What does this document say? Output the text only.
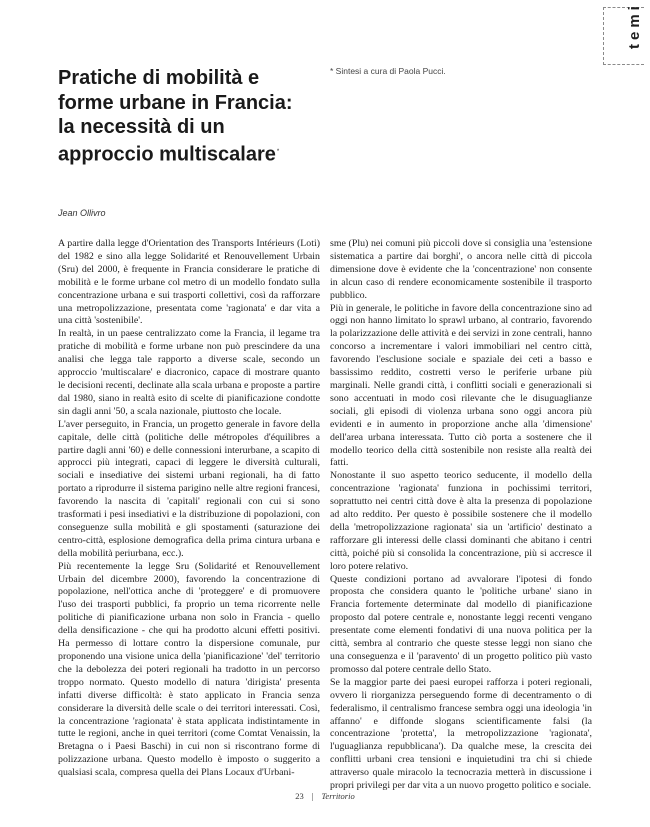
temi
Pratiche di mobilità e forme urbane in Francia: la necessità di un approccio multiscalare*
* Sintesi a cura di Paola Pucci.
Jean Ollivro

A partire dalla legge d'Orientation des Transports Intérieurs (Loti) del 1982 e sino alla legge Solidarité et Renouvellement Urbain (Sru) del 2000, è frequente in Francia considerare le pratiche di mobilità e le forme urbane col metro di un modello fondato sulla concentrazione urbana e sui trasporti collettivi, così da rafforzare una metropolizzazione, presentata come 'ragionata' e dar vita a una città 'sostenibile'.

In realtà, in un paese centralizzato come la Francia, il legame tra pratiche di mobilità e forme urbane non può prescindere da una analisi che legga tale rapporto a diverse scale, secondo un approccio 'multiscalare' e diacronico, capace di mostrare quanto le decisioni recenti, declinate alla scala urbana e proposte a partire dal 1980, siano in realtà esito di scelte di pianificazione condotte sin dagli anni '50, a scala nazionale, piuttosto che locale.

L'aver perseguito, in Francia, un progetto generale in favore della capitale, delle città (politiche delle métropoles d'équilibres a partire dagli anni '60) e delle connessioni interurbane, a scapito di approcci più integrati, capaci di leggere le diversità culturali, sociali e insediative dei sistemi urbani regionali, ha di fatto portato a riprodurre il sistema parigino nelle altre regioni francesi, favorendo la nascita di 'capitali' regionali con cui si sono trasformati i pesi insediativi e la distribuzione di popolazioni, con conseguenze sulla mobilità e gli spostamenti (saturazione dei centro-città, esplosione demografica della prima cintura urbana e della mobilità periurbana, ecc.).

Più recentemente la legge Sru (Solidarité et Renouvellement Urbain del dicembre 2000), favorendo la concentrazione di popolazione, nell'ottica anche di 'proteggere' e di promuovere l'uso dei trasporti pubblici, fa proprio un tema ricorrente nelle politiche di pianificazione urbana non solo in Francia - quello della densificazione - che qui ha prodotto alcuni effetti positivi. Ha permesso di lottare contro la dispersione comunale, pur proponendo una visione unica della 'pianificazione' 'del' territorio che la debolezza dei poteri regionali ha tradotto in un percorso troppo normato. Questo modello di natura 'dirigista' presenta infatti diverse difficoltà: è stato applicato in Francia senza considerare la diversità delle scale o dei territori interessati. Così, la concentrazione 'ragionata' è stata applicata indistintamente in tutte le regioni, anche in quei territori (come Comtat Venaissin, la Bretagna o i Paesi Baschi) in cui non si riscontrano forme di polizzazione urbana. Questo modello è imposto o suggerito a qualsiasi scala, compresa quella dei Plans Locaux d'Urbani-

sme (Plu) nei comuni più piccoli dove si consiglia una 'estensione sistematica a partire dai borghi', o ancora nelle città di piccola dimensione dove è evidente che la 'concentrazione' non consente in alcun caso di rendere economicamente sostenibile il trasporto pubblico.

Più in generale, le politiche in favore della concentrazione sino ad oggi non hanno limitato lo sprawl urbano, al contrario, favorendo la polarizzazione delle attività e dei servizi in zone centrali, hanno concorso a incrementare i valori immobiliari nel centro città, favorendo l'esclusione sociale e spaziale dei ceti a basso e bassissimo reddito, costretti verso le periferie urbane più marginali. Nelle grandi città, i conflitti sociali e generazionali si sono accentuati in modo così rilevante che le disuguaglianze sociali, gli episodi di violenza urbana sono oggi ancora più evidenti e in aumento in proporzione anche alla 'dimensione' dell'area urbana interessata. Tutto ciò porta a sostenere che il modello teorico della città sostenibile non resiste alla realtà dei fatti.

Nonostante il suo aspetto teorico seducente, il modello della concentrazione 'ragionata' funziona in pochissimi territori, soprattutto nei centri città dove è alta la presenza di popolazione ad alto reddito. Per questo è possibile sostenere che il modello della 'metropolizzazione ragionata' sia un 'artificio' destinato a rafforzare gli interessi delle classi dominanti che abitano i centri città, poiché più si consolida la concentrazione, più si accresce il loro potere relativo.

Queste condizioni portano ad avvalorare l'ipotesi di fondo proposta che considera quanto le 'politiche urbane' siano in Francia fortemente determinate dal modello di pianificazione proposto dal potere centrale e, nonostante leggi recenti vengano presentate come elementi fondativi di una nuova politica per la città, sembra al contrario che queste stesse leggi non siano che una conseguenza e il 'paravento' di un progetto politico più vasto promosso dal potere centrale dello Stato.

Se la maggior parte dei paesi europei rafforza i poteri regionali, ovvero li riorganizza perseguendo forme di decentramento o di federalismo, il centralismo francese sembra oggi una ideologia 'in affanno' e diffonde slogans scientificamente falsi (la concentrazione 'protetta', la metropolizzazione 'ragionata', l'uguaglianza repubblicana'). Da qualche mese, la crescita dei conflitti urbani crea tensioni e inquietudini tra chi si chiede attraverso quale miracolo la tecnocrazia metterà in discussione i propri privilegi per dar vita a un nuovo progetto politico e sociale.

23 | Territorio
